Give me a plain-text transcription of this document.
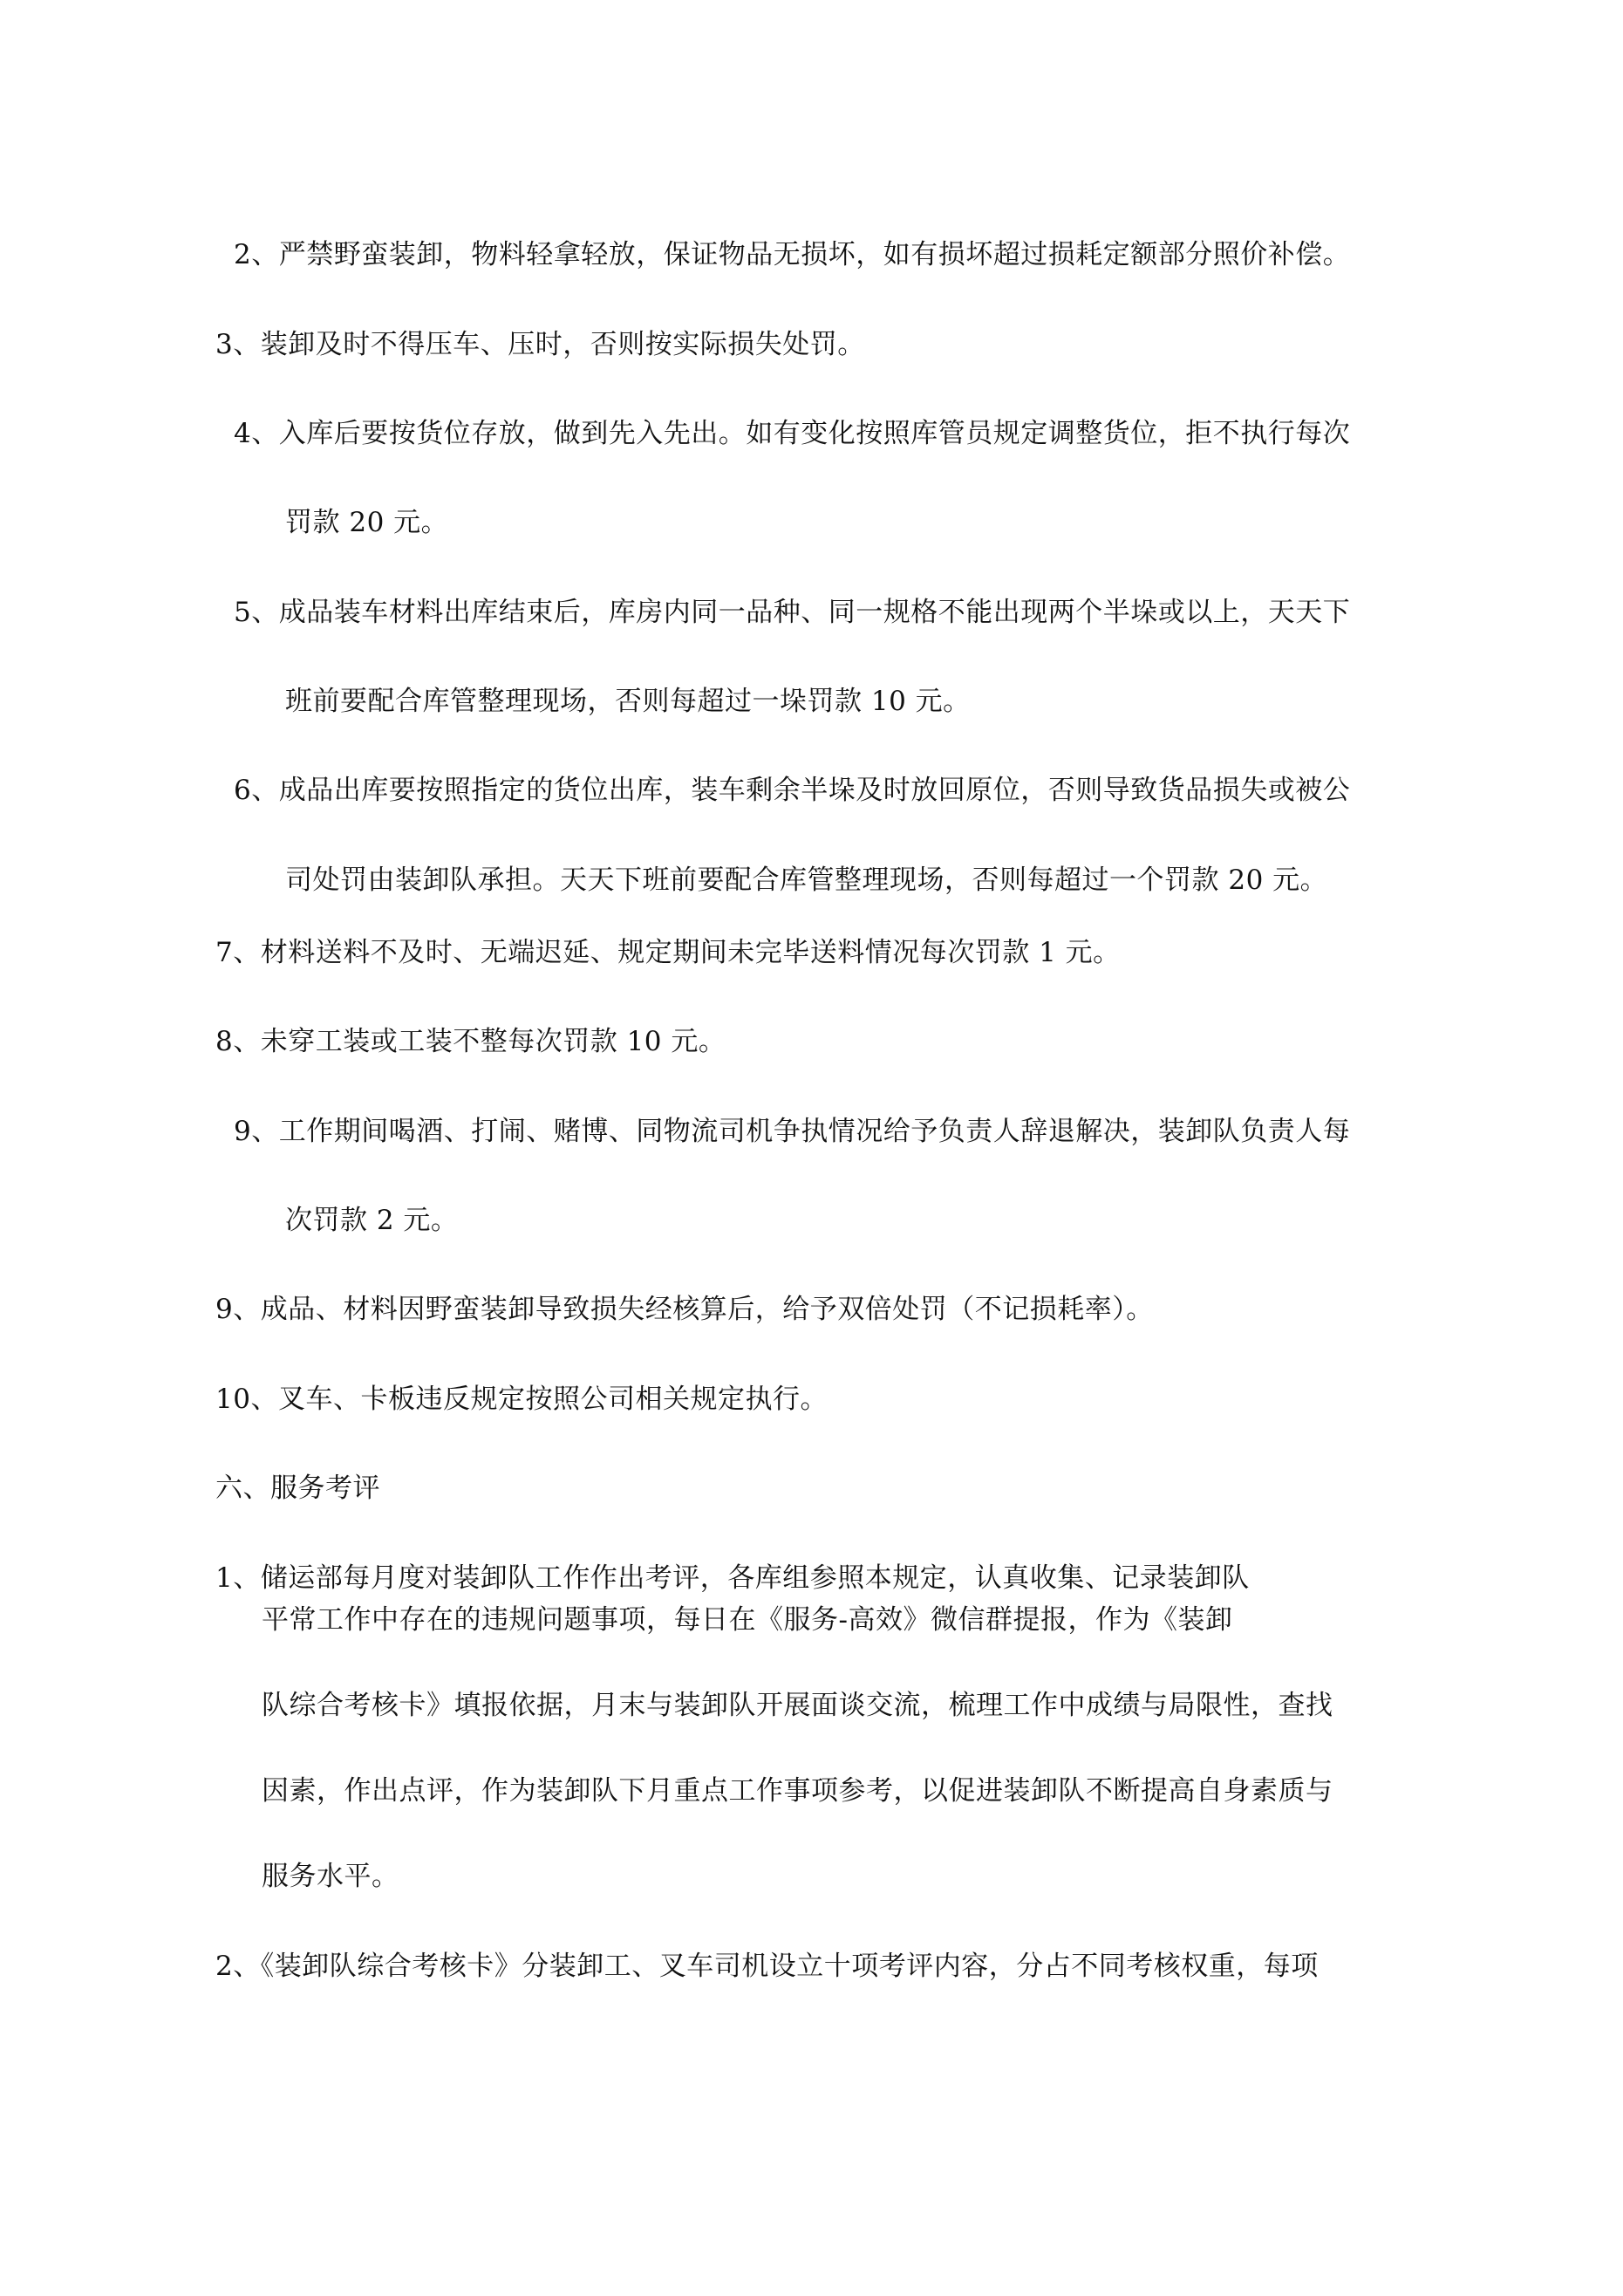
2、严禁野蛮装卸，物料轻拿轻放，保证物品无损坏，如有损坏超过损耗定额部分照价补偿。
3、装卸及时不得压车、压时，否则按实际损失处罚。
4、入库后要按货位存放，做到先入先出。如有变化按照库管员规定调整货位，拒不执行每次
罚款 20 元。
5、成品装车材料出库结束后，库房内同一品种、同一规格不能出现两个半垛或以上，天天下
班前要配合库管整理现场，否则每超过一垛罚款 10 元。
6、成品出库要按照指定的货位出库，装车剩余半垛及时放回原位，否则导致货品损失或被公
司处罚由装卸队承担。天天下班前要配合库管整理现场，否则每超过一个罚款 20 元。
7、材料送料不及时、无端迟延、规定期间未完毕送料情况每次罚款 1 元。
8、未穿工装或工装不整每次罚款 10 元。
9、工作期间喝酒、打闹、赌博、同物流司机争执情况给予负责人辞退解决，装卸队负责人每
次罚款 2 元。
9、成品、材料因野蛮装卸导致损失经核算后，给予双倍处罚（不记损耗率）。
10、叉车、卡板违反规定按照公司相关规定执行。
六、服务考评
1、储运部每月度对装卸队工作作出考评，各库组参照本规定，认真收集、记录装卸队
平常工作中存在的违规问题事项，每日在《服务-高效》微信群提报，作为《装卸
队综合考核卡》填报依据，月末与装卸队开展面谈交流，梳理工作中成绩与局限性，查找
因素，作出点评，作为装卸队下月重点工作事项参考，以促进装卸队不断提高自身素质与
服务水平。
2、《装卸队综合考核卡》分装卸工、叉车司机设立十项考评内容，分占不同考核权重，每项
